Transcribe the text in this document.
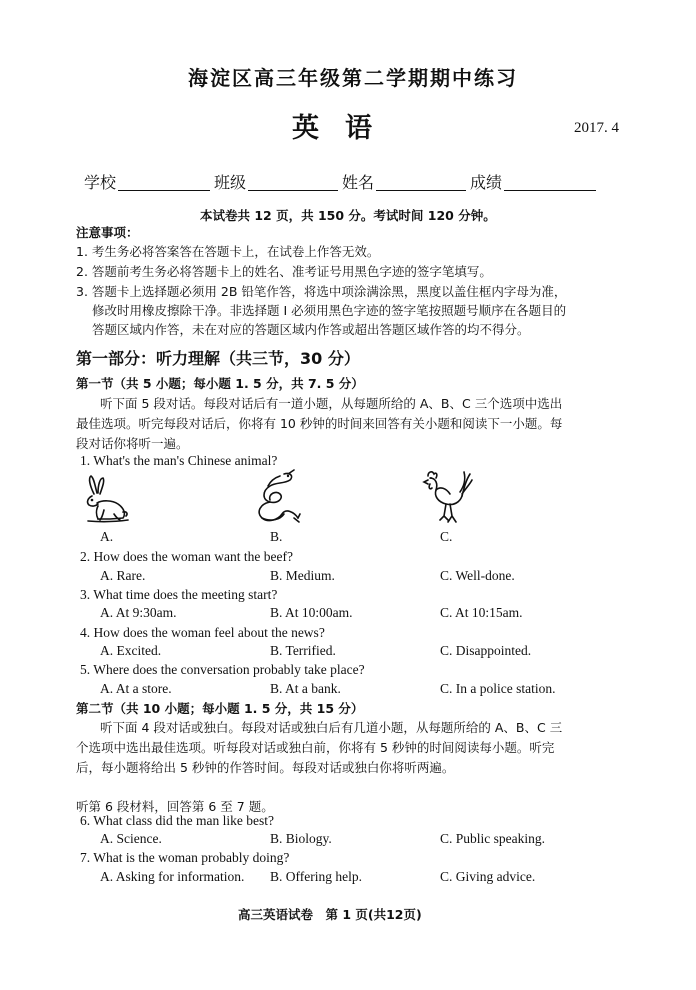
海淀区高三年级第二学期期中练习
英语	2017. 4
学校	班级	姓名	成绩
本试卷共 12 页，共 150 分。考试时间 120 分钟。
注意事项：
1. 考生务必将答案答在答题卡上，在试卷上作答无效。
2. 答题前考生务必将答题卡上的姓名、准考证号用黑色字迹的签字笔填写。
3. 答题卡上选择题必须用 2B 铅笔作答，将选中项涂满涂黑，黑度以盖住框内字母为准，
修改时用橡皮擦除干净。非选择题 I 必须用黑色字迹的签字笔按照题号顺序在各题目的
答题区域内作答，未在对应的答题区域内作答或超出答题区域作答的均不得分。
第一部分：听力理解（共三节，30 分）
第一节（共 5 小题；每小题 1. 5 分，共 7. 5 分）
听下面 5 段对话。每段对话后有一道小题，从每题所给的 A、B、C 三个选项中选出
最佳选项。听完每段对话后，你将有 10 秒钟的时间来回答有关小题和阅读下一小题。每
段对话你将听一遍。
1. What's the man's Chinese animal?
A.	B.	C.
2. How does the woman want the beef?
A. Rare.	B. Medium.	C. Well-done.
3. What time does the meeting start?
A. At 9:30am.	B. At 10:00am.	C. At 10:15am.
4. How does the woman feel about the news?
A. Excited.	B. Terrified.	C. Disappointed.
5. Where does the conversation probably take place?
A. At a store.	B. At a bank.	C. In a police station.
第二节（共 10 小题；每小题 1. 5 分，共 15 分）
听下面 4 段对话或独白。每段对话或独白后有几道小题，从每题所给的 A、B、C 三
个选项中选出最佳选项。听每段对话或独白前，你将有 5 秒钟的时间阅读每小题。听完
后，每小题将给出 5 秒钟的作答时间。每段对话或独白你将听两遍。
听第 6 段材料，回答第 6 至 7 题。
6. What class did the man like best?
A. Science.	B. Biology.	C. Public speaking.
7. What is the woman probably doing?
A. Asking for information. B. Offering help.	C. Giving advice.
高三英语试卷　第 1 页(共12页)
